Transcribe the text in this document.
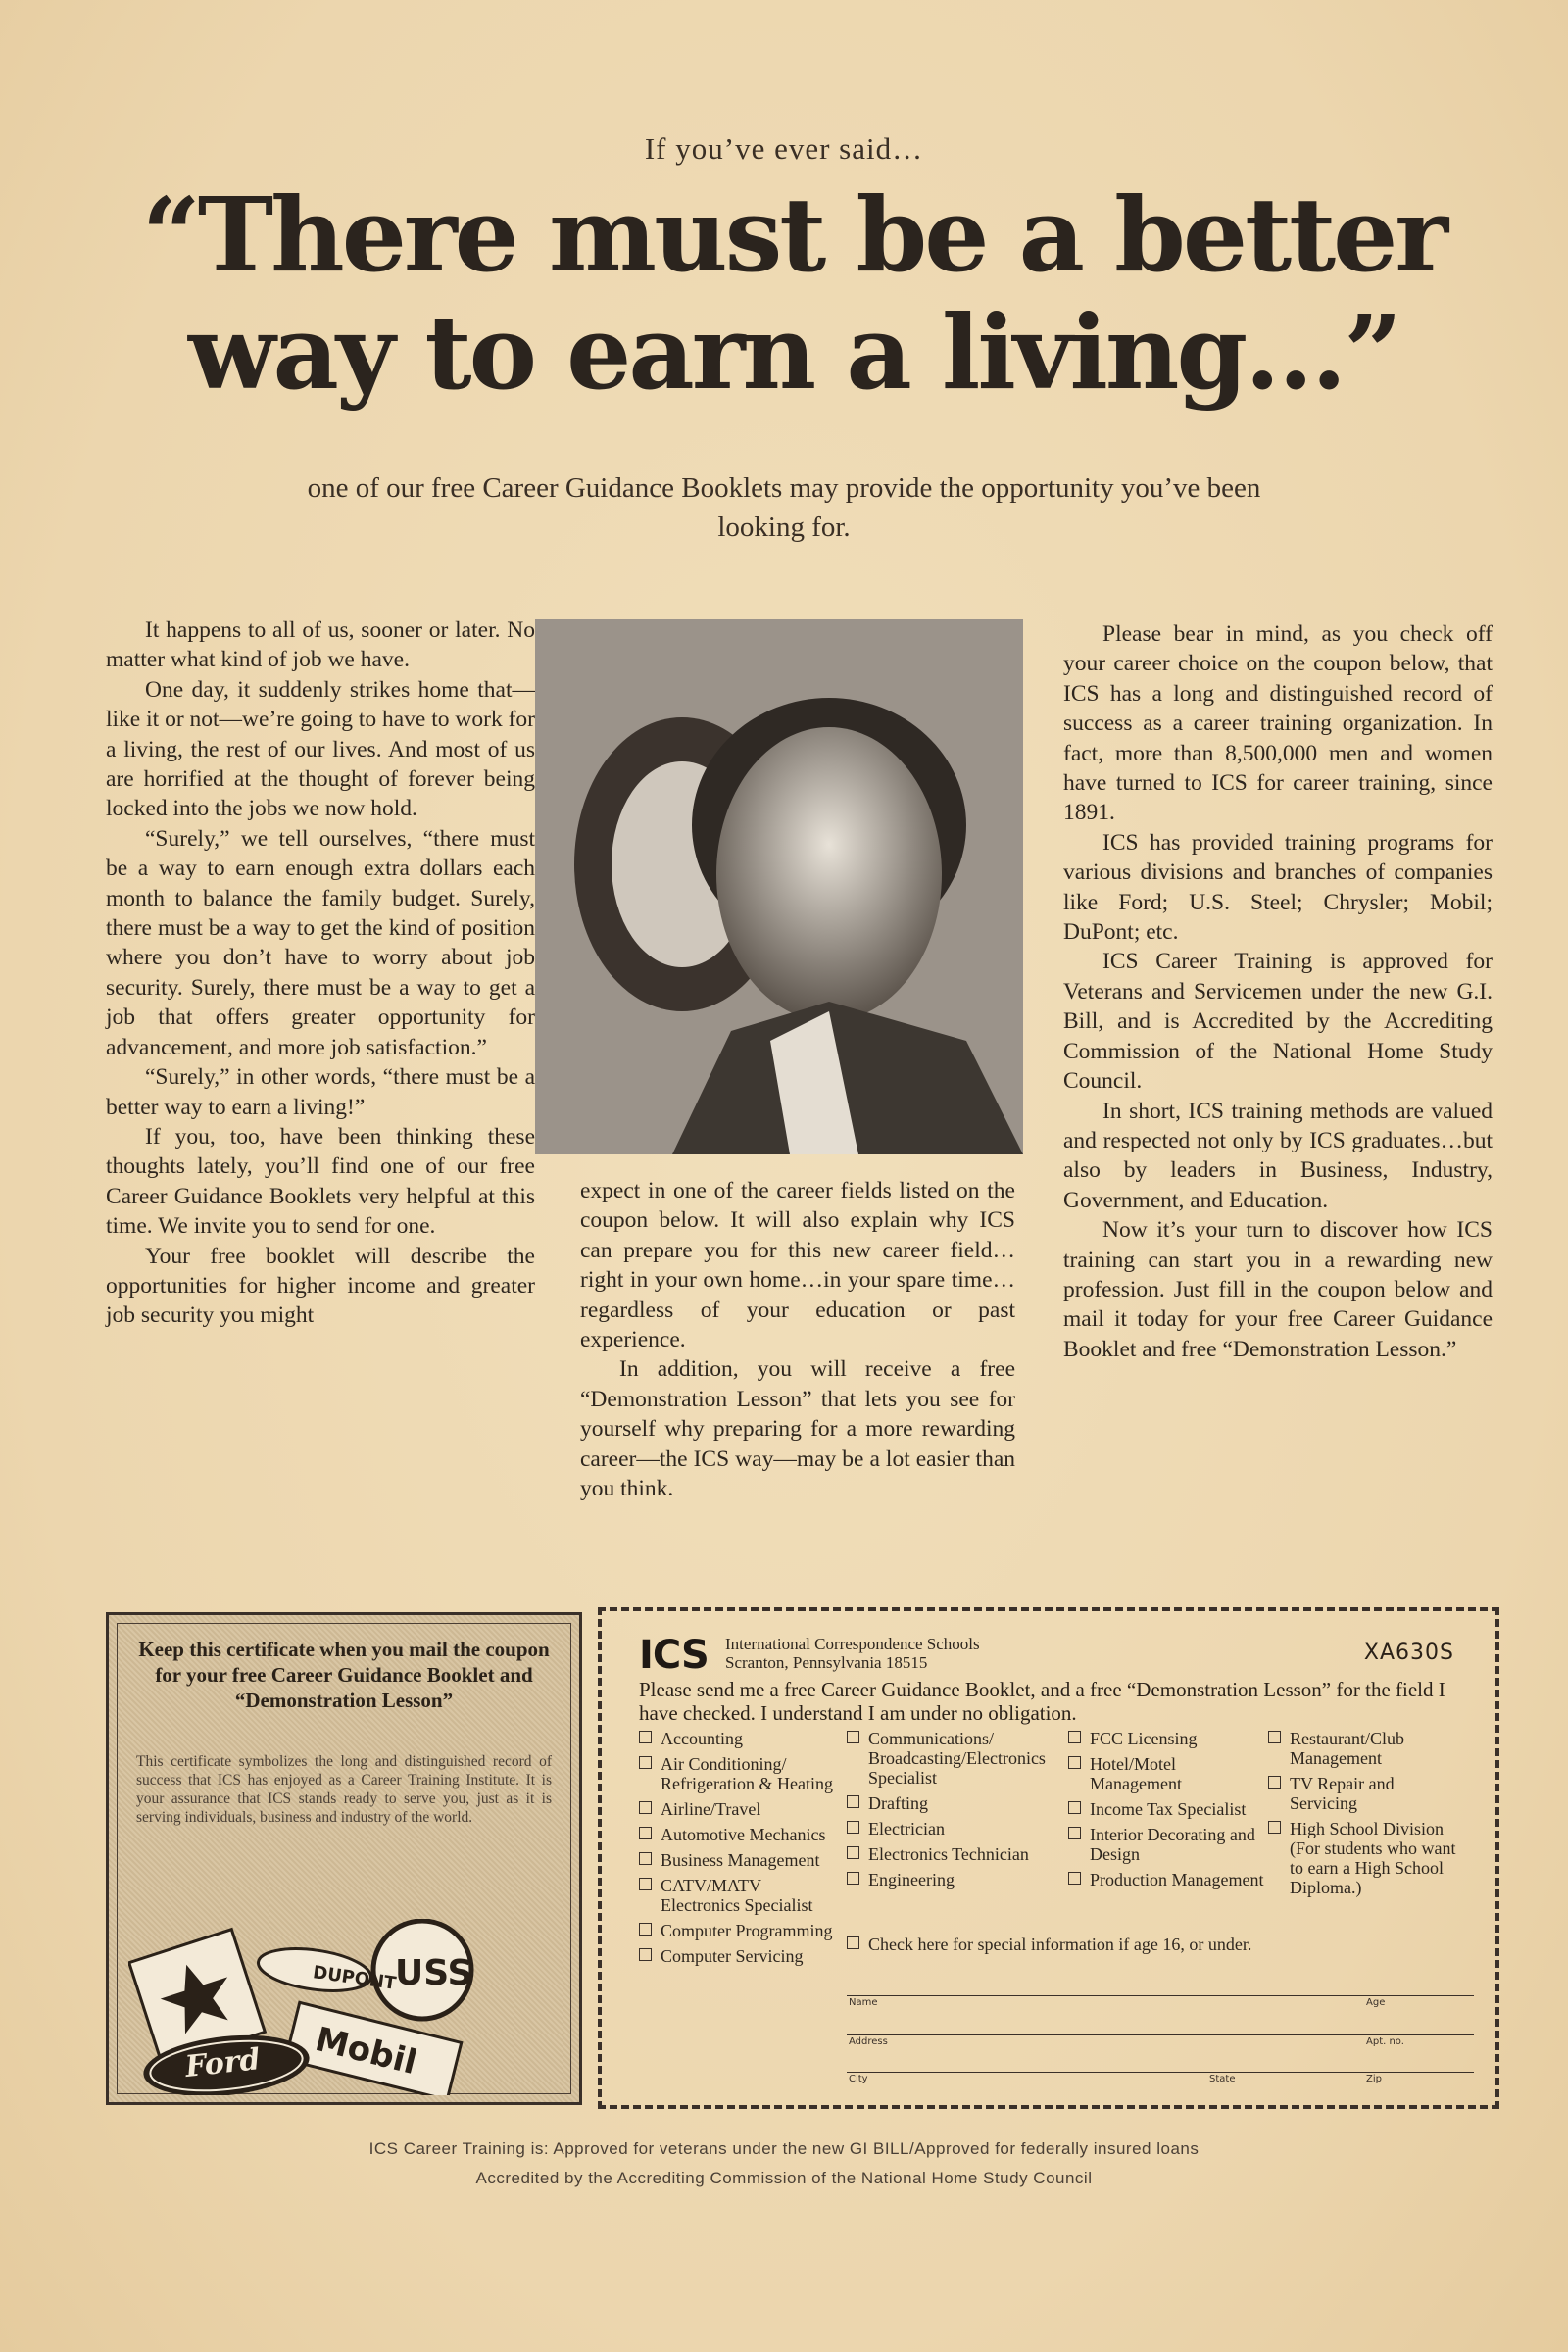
If you’ve ever said…
“There must be a better way to earn a living…”
one of our free Career Guidance Booklets may provide the opportunity you’ve been looking for.

It happens to all of us, sooner or later. No matter what kind of job we have.

One day, it suddenly strikes home that—like it or not—we’re going to have to work for a living, the rest of our lives. And most of us are horrified at the thought of forever being locked into the jobs we now hold.

“Surely,” we tell ourselves, “there must be a way to earn enough extra dollars each month to balance the family budget. Surely, there must be a way to get the kind of position where you don’t have to worry about job security. Surely, there must be a way to get a job that offers greater opportunity for advancement, and more job satisfaction.”

“Surely,” in other words, “there must be a better way to earn a living!”

If you, too, have been thinking these thoughts lately, you’ll find one of our free Career Guidance Booklets very helpful at this time. We invite you to send for one.

Your free booklet will describe the opportunities for higher income and greater job security you might

expect in one of the career fields listed on the coupon below. It will also explain why ICS can prepare you for this new career field… right in your own home…in your spare time…regardless of your education or past experience.

In addition, you will receive a free “Demonstration Lesson” that lets you see for yourself why preparing for a more rewarding career—the ICS way—may be a lot easier than you think.

Please bear in mind, as you check off your career choice on the coupon below, that ICS has a long and distinguished record of success as a career training organization. In fact, more than 8,500,000 men and women have turned to ICS for career training, since 1891.

ICS has provided training programs for various divisions and branches of companies like Ford; U.S. Steel; Chrysler; Mobil; DuPont; etc.

ICS Career Training is approved for Veterans and Servicemen under the new G.I. Bill, and is Accredited by the Accrediting Commission of the National Home Study Council.

In short, ICS training methods are valued and respected not only by ICS graduates…but also by leaders in Business, Industry, Government, and Education.

Now it’s your turn to discover how ICS training can start you in a rewarding new profession. Just fill in the coupon below and mail it today for your free Career Guidance Booklet and free “Demonstration Lesson.”

Keep this certificate when you mail the coupon for your free Career Guidance Booklet and “Demonstration Lesson”
This certificate symbolizes the long and distinguished record of success that ICS has enjoyed as a Career Training Institute. It is your assurance that ICS stands ready to serve you, just as it is serving individuals, business and industry of the world.
DUPONT
USS
Mobil
Ford
ICS International Correspondence Schools
Scranton, Pennsylvania 18515	XA630S
Please send me a free Career Guidance Booklet, and a free “Demonstration Lesson” for the field I have checked. I understand I am under no obligation.
Accounting
Air Conditioning/ Refrigeration & Heating
Airline/Travel
Automotive Mechanics
Business Management
CATV/MATV Electronics Specialist
Computer Programming
Computer Servicing
Communications/ Broadcasting/Electronics Specialist
Drafting
Electrician
Electronics Technician
Engineering
FCC Licensing
Hotel/Motel Management
Income Tax Specialist
Interior Decorating and Design
Production Management
Restaurant/Club Management
TV Repair and Servicing
High School Division (For students who want to earn a High School Diploma.)
Check here for special information if age 16, or under.
Name	Age
Address	Apt. no.
City	State	Zip
ICS Career Training is: Approved for veterans under the new GI BILL/Approved for federally insured loans
Accredited by the Accrediting Commission of the National Home Study Council
